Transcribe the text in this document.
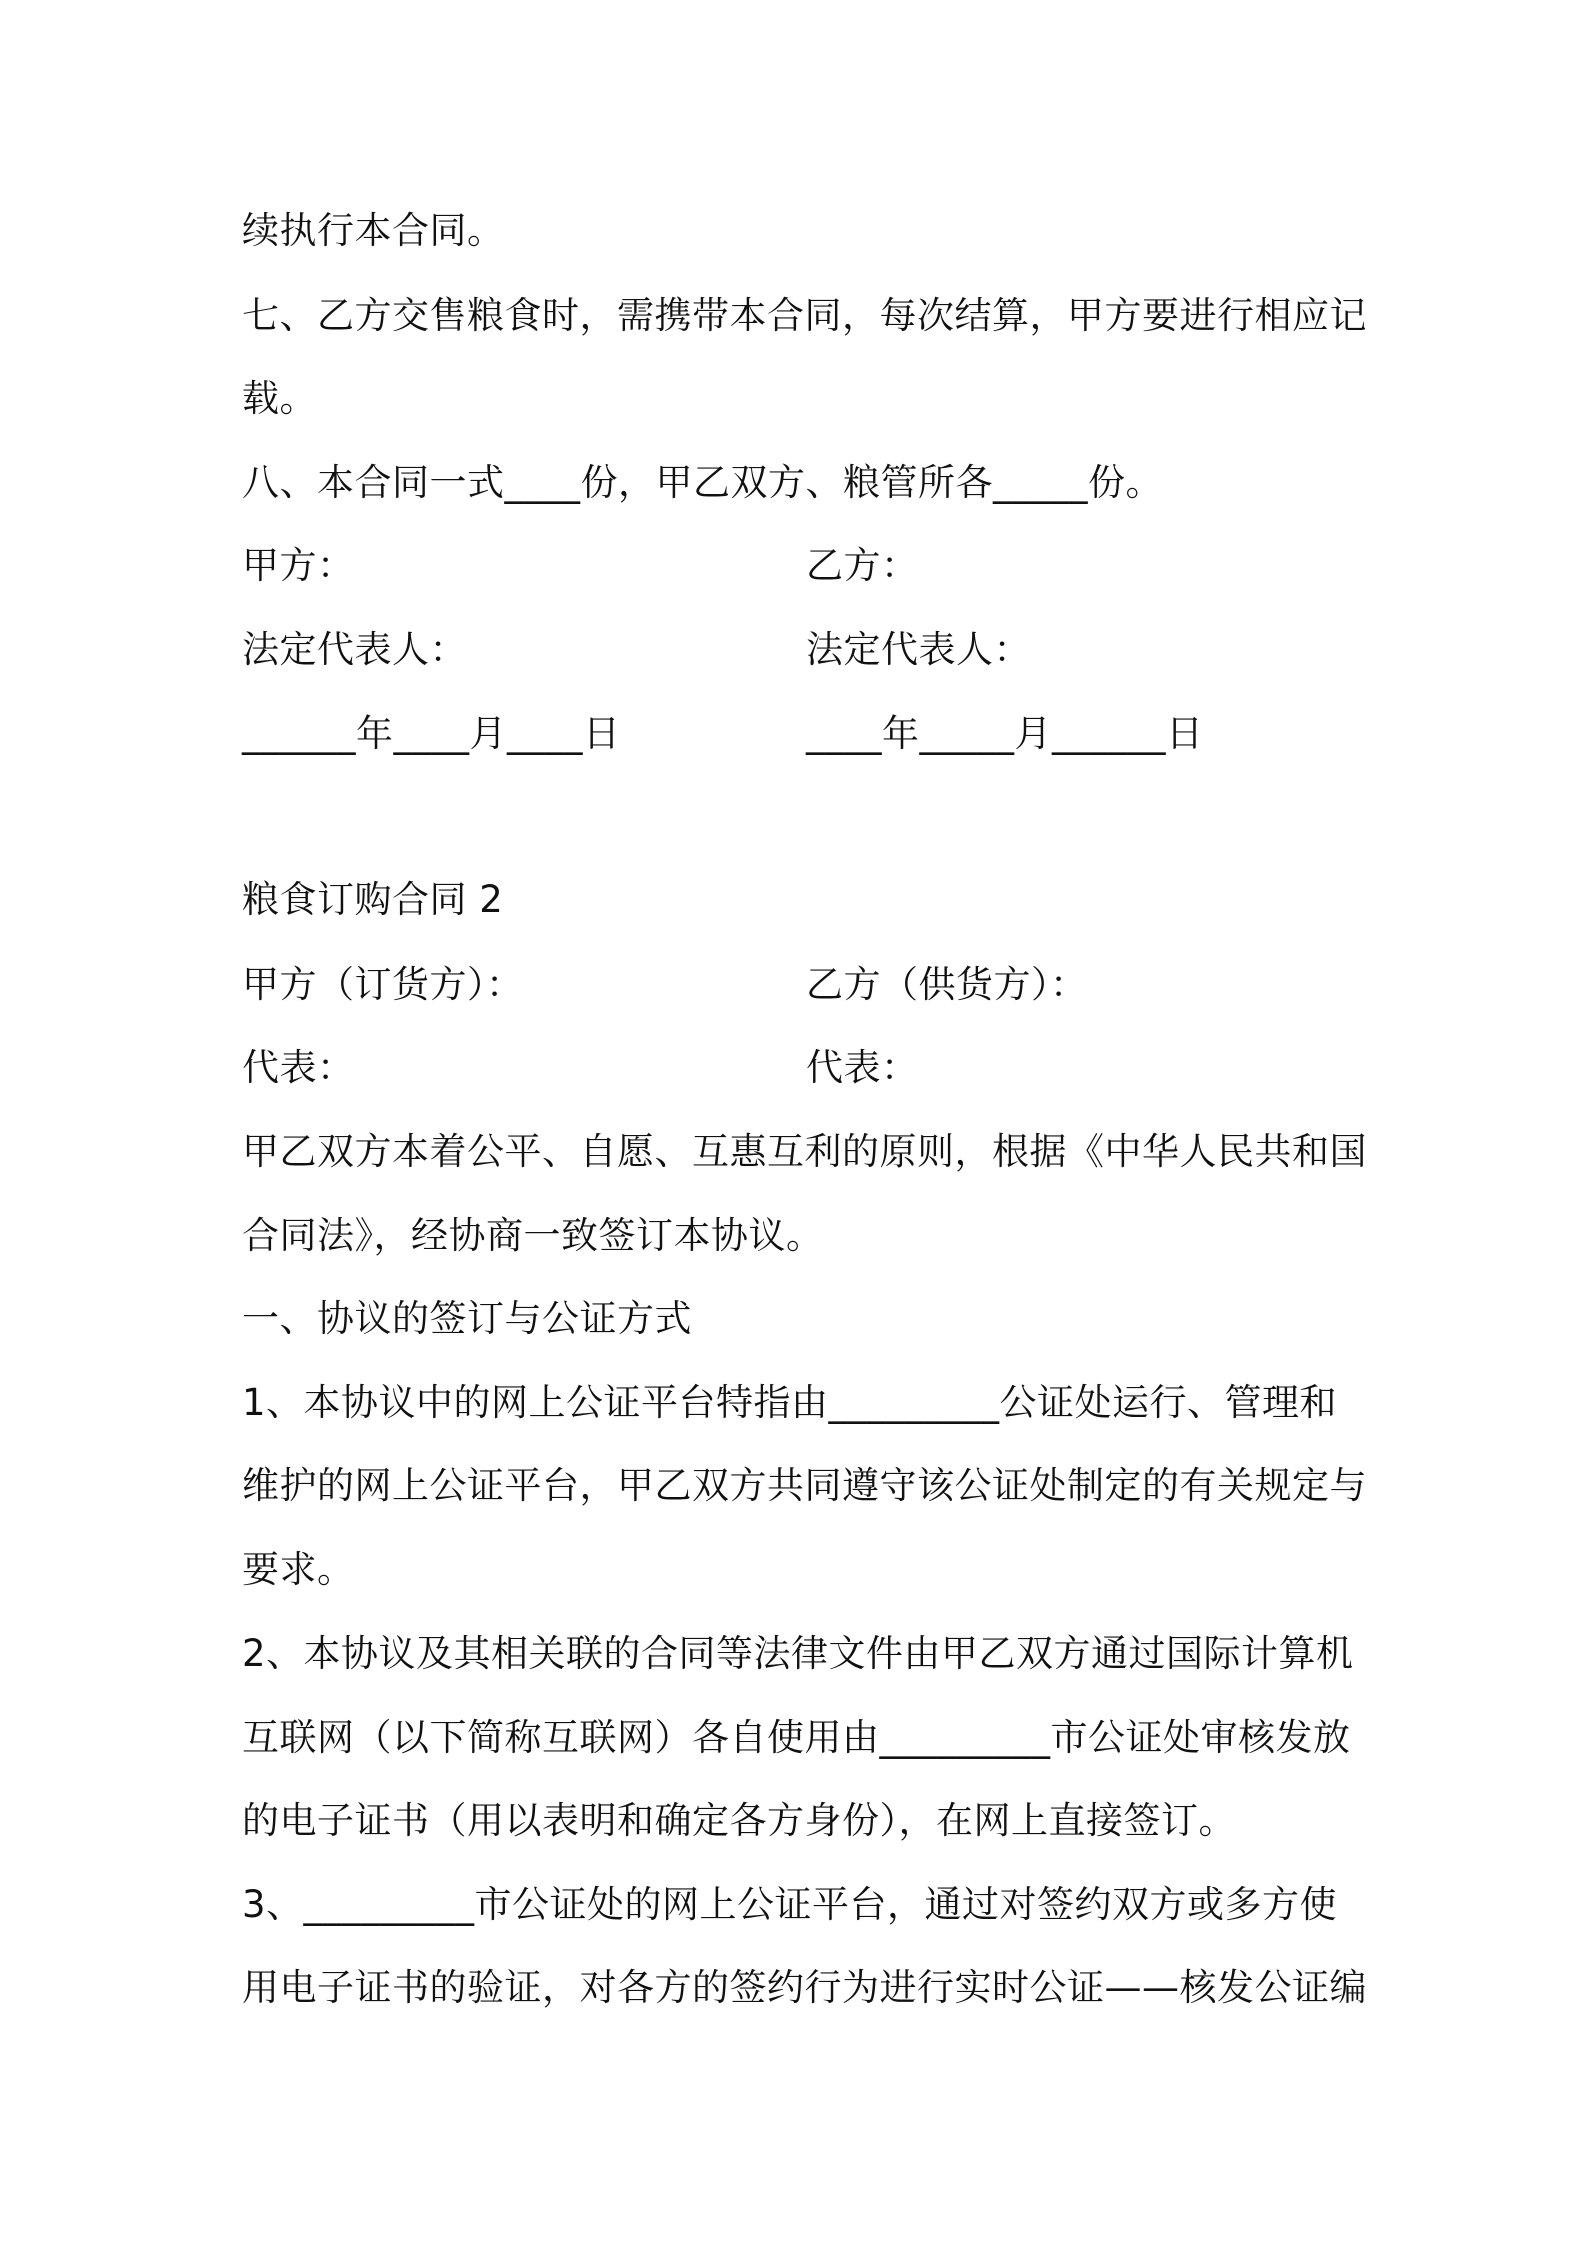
续执行本合同。
七、乙方交售粮食时，需携带本合同，每次结算，甲方要进行相应记
载。
八、本合同一式____份，甲乙双方、粮管所各_____份。
甲方：	乙方：
法定代表人：	法定代表人：
______年____月____日	____年_____月______日
粮食订购合同 2
甲方（订货方）：	乙方（供货方）：
代表：	代表：
甲乙双方本着公平、自愿、互惠互利的原则，根据《中华人民共和国
合同法》，经协商一致签订本协议。
一、协议的签订与公证方式
1、本协议中的网上公证平台特指由_________公证处运行、管理和
维护的网上公证平台，甲乙双方共同遵守该公证处制定的有关规定与
要求。
2、本协议及其相关联的合同等法律文件由甲乙双方通过国际计算机
互联网（以下简称互联网）各自使用由_________市公证处审核发放
的电子证书（用以表明和确定各方身份），在网上直接签订。
3、_________市公证处的网上公证平台，通过对签约双方或多方使
用电子证书的验证，对各方的签约行为进行实时公证——核发公证编
